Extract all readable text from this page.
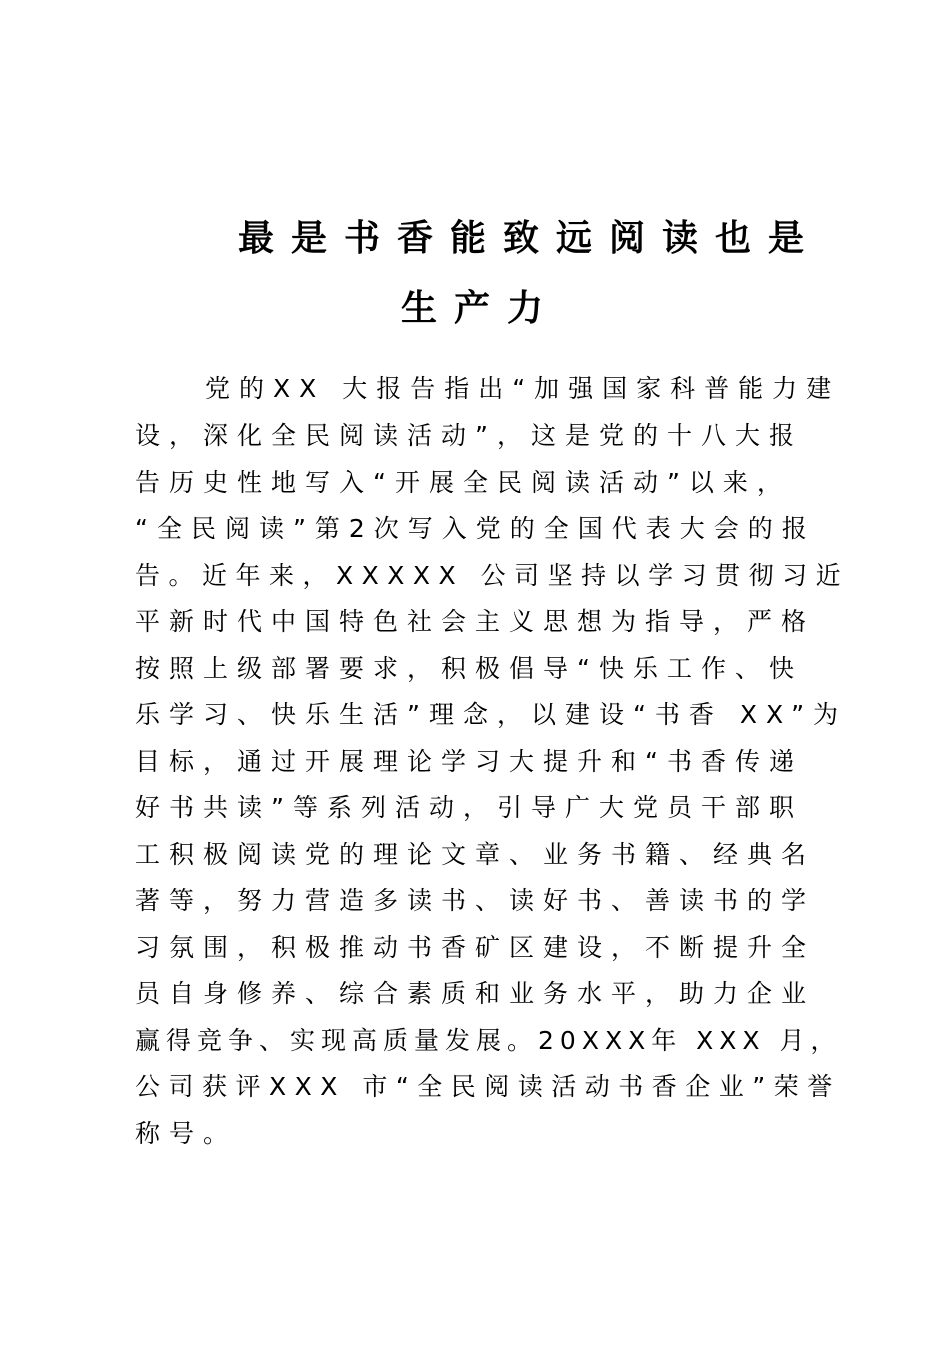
最是书香能致远阅读也是
生产力
党的XX 大报告指出“加强国家科普能力建
设，深化全民阅读活动”，这是党的十八大报
告历史性地写入“开展全民阅读活动”以来，
“全民阅读”第2次写入党的全国代表大会的报
告。近年来，XXXXX 公司坚持以学习贯彻习近
平新时代中国特色社会主义思想为指导，严格
按照上级部署要求，积极倡导“快乐工作、快
乐学习、快乐生活”理念，以建设“书香 XX”为
目标，通过开展理论学习大提升和“书香传递
好书共读”等系列活动，引导广大党员干部职
工积极阅读党的理论文章、业务书籍、经典名
著等，努力营造多读书、读好书、善读书的学
习氛围，积极推动书香矿区建设，不断提升全
员自身修养、综合素质和业务水平，助力企业
赢得竞争、实现高质量发展。20XXX年 XXX 月，
公司获评XXX 市“全民阅读活动书香企业”荣誉
称号。
